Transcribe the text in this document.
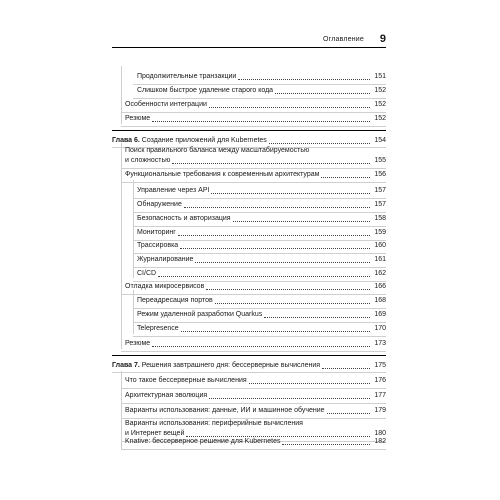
Оглавление 9
Продолжительные транзакции	151
Слишком быстрое удаление старого кода	152
Особенности интеграции	152
Резюме	152
Глава 6. Создание приложений для Kubernetes	154
Поиск правильного баланса между масштабируемостью
и сложностью	155
Функциональные требования к современным архитектурам	156
Управление через API	157
Обнаружение	157
Безопасность и авторизация	158
Мониторинг	159
Трассировка	160
Журналирование	161
CI/CD	162
Отладка микросервисов	166
Переадресация портов	168
Режим удаленной разработки Quarkus	169
Telepresence	170
Резюме	173
Глава 7. Решения завтрашнего дня: бессерверные вычисления	175
Что такое бессерверные вычисления	176
Архитектурная эволюция	177
Варианты использования: данные, ИИ и машинное обучение	179
Варианты использования: периферийные вычисления
и Интернет вещей	180
Knative: бессерверное решение для Kubernetes	182
